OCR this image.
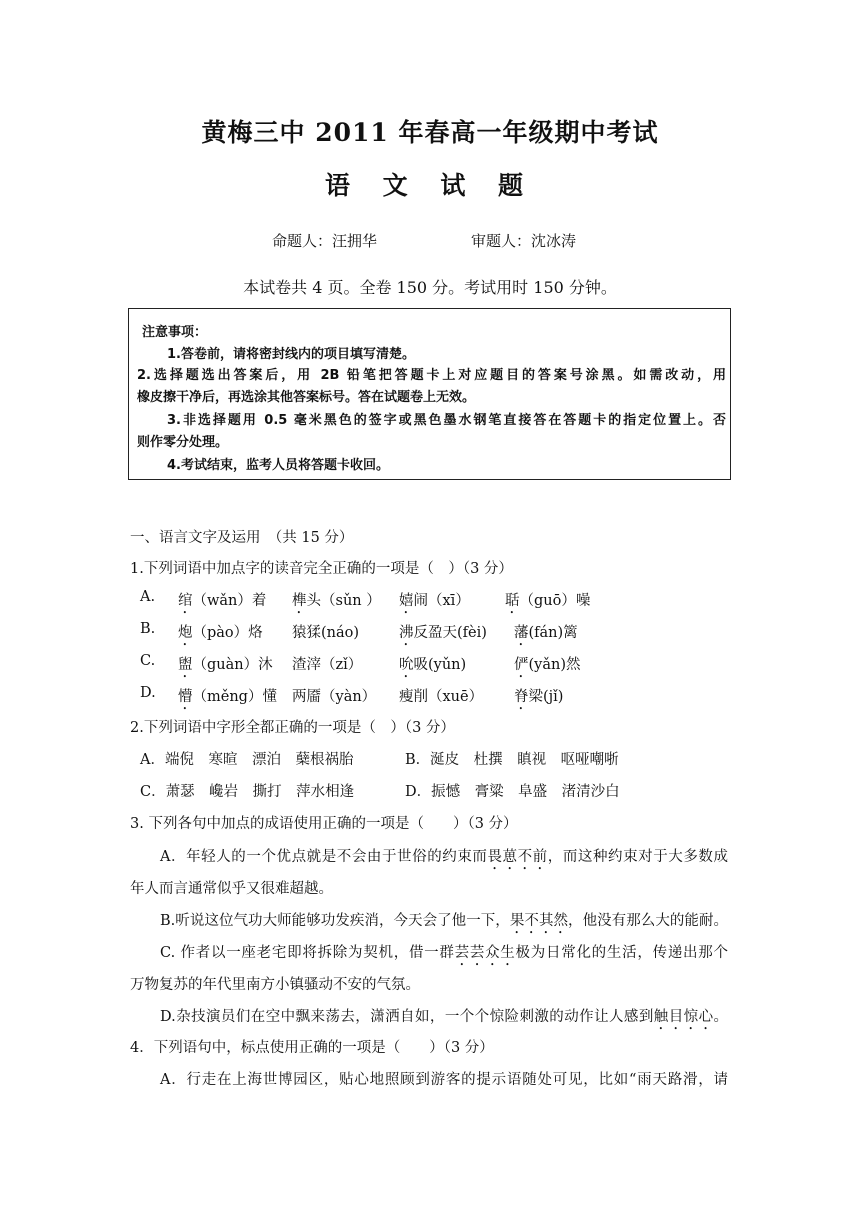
黄梅三中 2011 年春高一年级期中考试
语 文 试 题
命题人：汪拥华	审题人：沈冰涛
本试卷共 4 页。全卷 150 分。考试用时 150 分钟。
注意事项：
1.答卷前，请将密封线内的项目填写清楚。
2.选择题选出答案后，用 2B 铅笔把答题卡上对应题目的答案号涂黑。如需改动，用
橡皮擦干净后，再选涂其他答案标号。答在试题卷上无效。
3.非选择题用 0.5 毫米黑色的签字或黑色墨水钢笔直接答在答题卡的指定位置上。否
则作零分处理。
4.考试结束，监考人员将答题卡收回。
一、语言文字及运用　（共 15 分）
1.下列词语中加点字的读音完全正确的一项是（　）（3 分）
A. 绾（wǎn）着 榫头（sǔn ） 嬉闹（xī） 聒（guō）噪
B. 炮（pào）烙 猿猱(náo)	沸反盈天(fèi) 藩(fán)篱
C. 盥（guàn）沐 渣滓（zǐ）	吮吸(yǔn)	俨(yǎn)然
D. 懵（měng）懂 两靥（yàn） 瘦削（xuē） 脊梁(jǐ)
2.下列词语中字形全都正确的一项是（　）（3 分）
A．端倪　寒暄　漂泊　蘖根祸胎	B．涎皮　杜撰　瞋视　呕哑嘲哳
C．萧瑟　巉岩　撕打　萍水相逢	D．振憾　膏粱　阜盛　渚清沙白
3. 下列各句中加点的成语使用正确的一项是（　　）（3 分）
A．年轻人的一个优点就是不会由于世俗的约束而畏葸不前，而这种约束对于大多数成
年人而言通常似乎又很难超越。
B.听说这位气功大师能够功发疾消，今天会了他一下，果不其然，他没有那么大的能耐。
C. 作者以一座老宅即将拆除为契机，借一群芸芸众生极为日常化的生活，传递出那个
万物复苏的年代里南方小镇骚动不安的气氛。
D.杂技演员们在空中飘来荡去，潇洒自如，一个个惊险刺激的动作让人感到触目惊心。
4．下列语句中，标点使用正确的一项是（　　）（3 分）
A．行走在上海世博园区，贴心地照顾到游客的提示语随处可见，比如“雨天路滑，请
